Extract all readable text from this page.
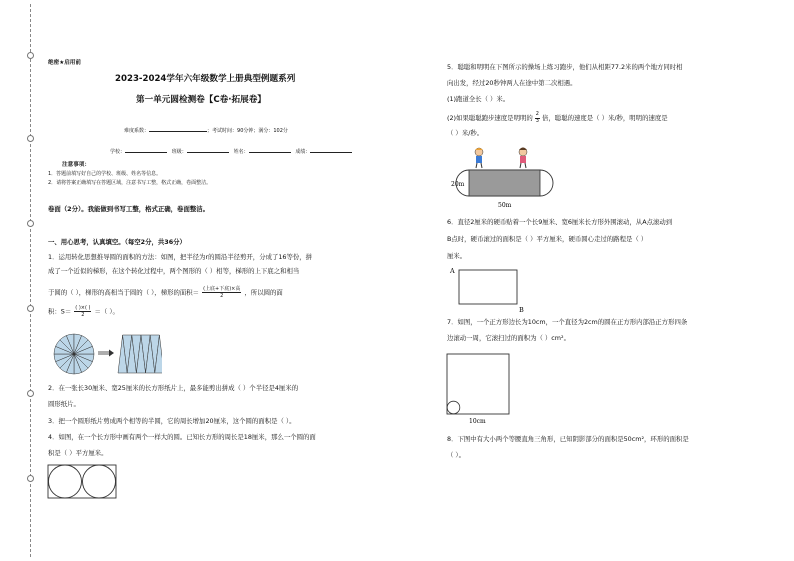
绝密★启用前
2023-2024学年六年级数学上册典型例题系列
第一单元圆检测卷【C卷·拓展卷】
难度系数：	；考试时间：90分钟；满分：102分
学校：	班级：	姓名：	成绩：
注意事项：
1．答题前填写好自己的学校、班级、姓名等信息。
2．请将答案正确填写在答题区域，注意书写工整，格式正确，卷面整洁。
卷面（2分）。我能做到书写工整，格式正确，卷面整洁。
一、用心思考，认真填空。（每空2分，共36分）
1．运用转化思想推导圆的面积的方法：如图，把半径为r的圆沿半径剪开，分成了16等份，拼
成了一个近似的梯形，在这个转化过程中，两个图形的（ ）相等，梯形的上下底之和相当
于圆的（ ），梯形的高相当于圆的（ ），梯形的面积＝ (上底+下底)×高
2	，所以圆的面
积：S＝ ( )×( )
2	＝（ ）。
2．在一张长30厘米、宽25厘米的长方形纸片上，最多能剪出拼成（ ）个半径是4厘米的
圆形纸片。
3．把一个圆形纸片剪成两个相等的半圆，它的周长增加20厘米，这个圆的面积是（ ）。
4．如图，在一个长方形中画有两个一样大的圆。已知长方形的周长是18厘米，那么一个圆的面
积是（ ）平方厘米。
5．聪聪和明明在下图所示的操场上练习跑步，他们从相距77.2米的两个地方同时相
向出发，经过20秒钟两人在途中第二次相遇。
(1)跑道全长（ ）米。
(2)如果聪聪跑步速度是明明的 $\frac{2}{3}$ 倍，聪聪的速度是（ ）米/秒，明明的速度是
（ ）米/秒。
20m
50m
6．直径2厘米的硬币贴着一个长9厘米、宽6厘米长方形外围滚动，从A点滚动到
B点时，硬币滚过的面积是（ ）平方厘米，硬币圆心走过的路程是（ ）
厘米。
A
B
7．如图，一个正方形边长为10cm，一个直径为2cm的圆在正方形内部沿正方形四条
边滚动一周，它滚扫过的面积为（ ）cm²。
10cm
8．下图中有大小两个等腰直角三角形，已知阴影部分的面积是50cm²，环形的面积是
（ ）。
